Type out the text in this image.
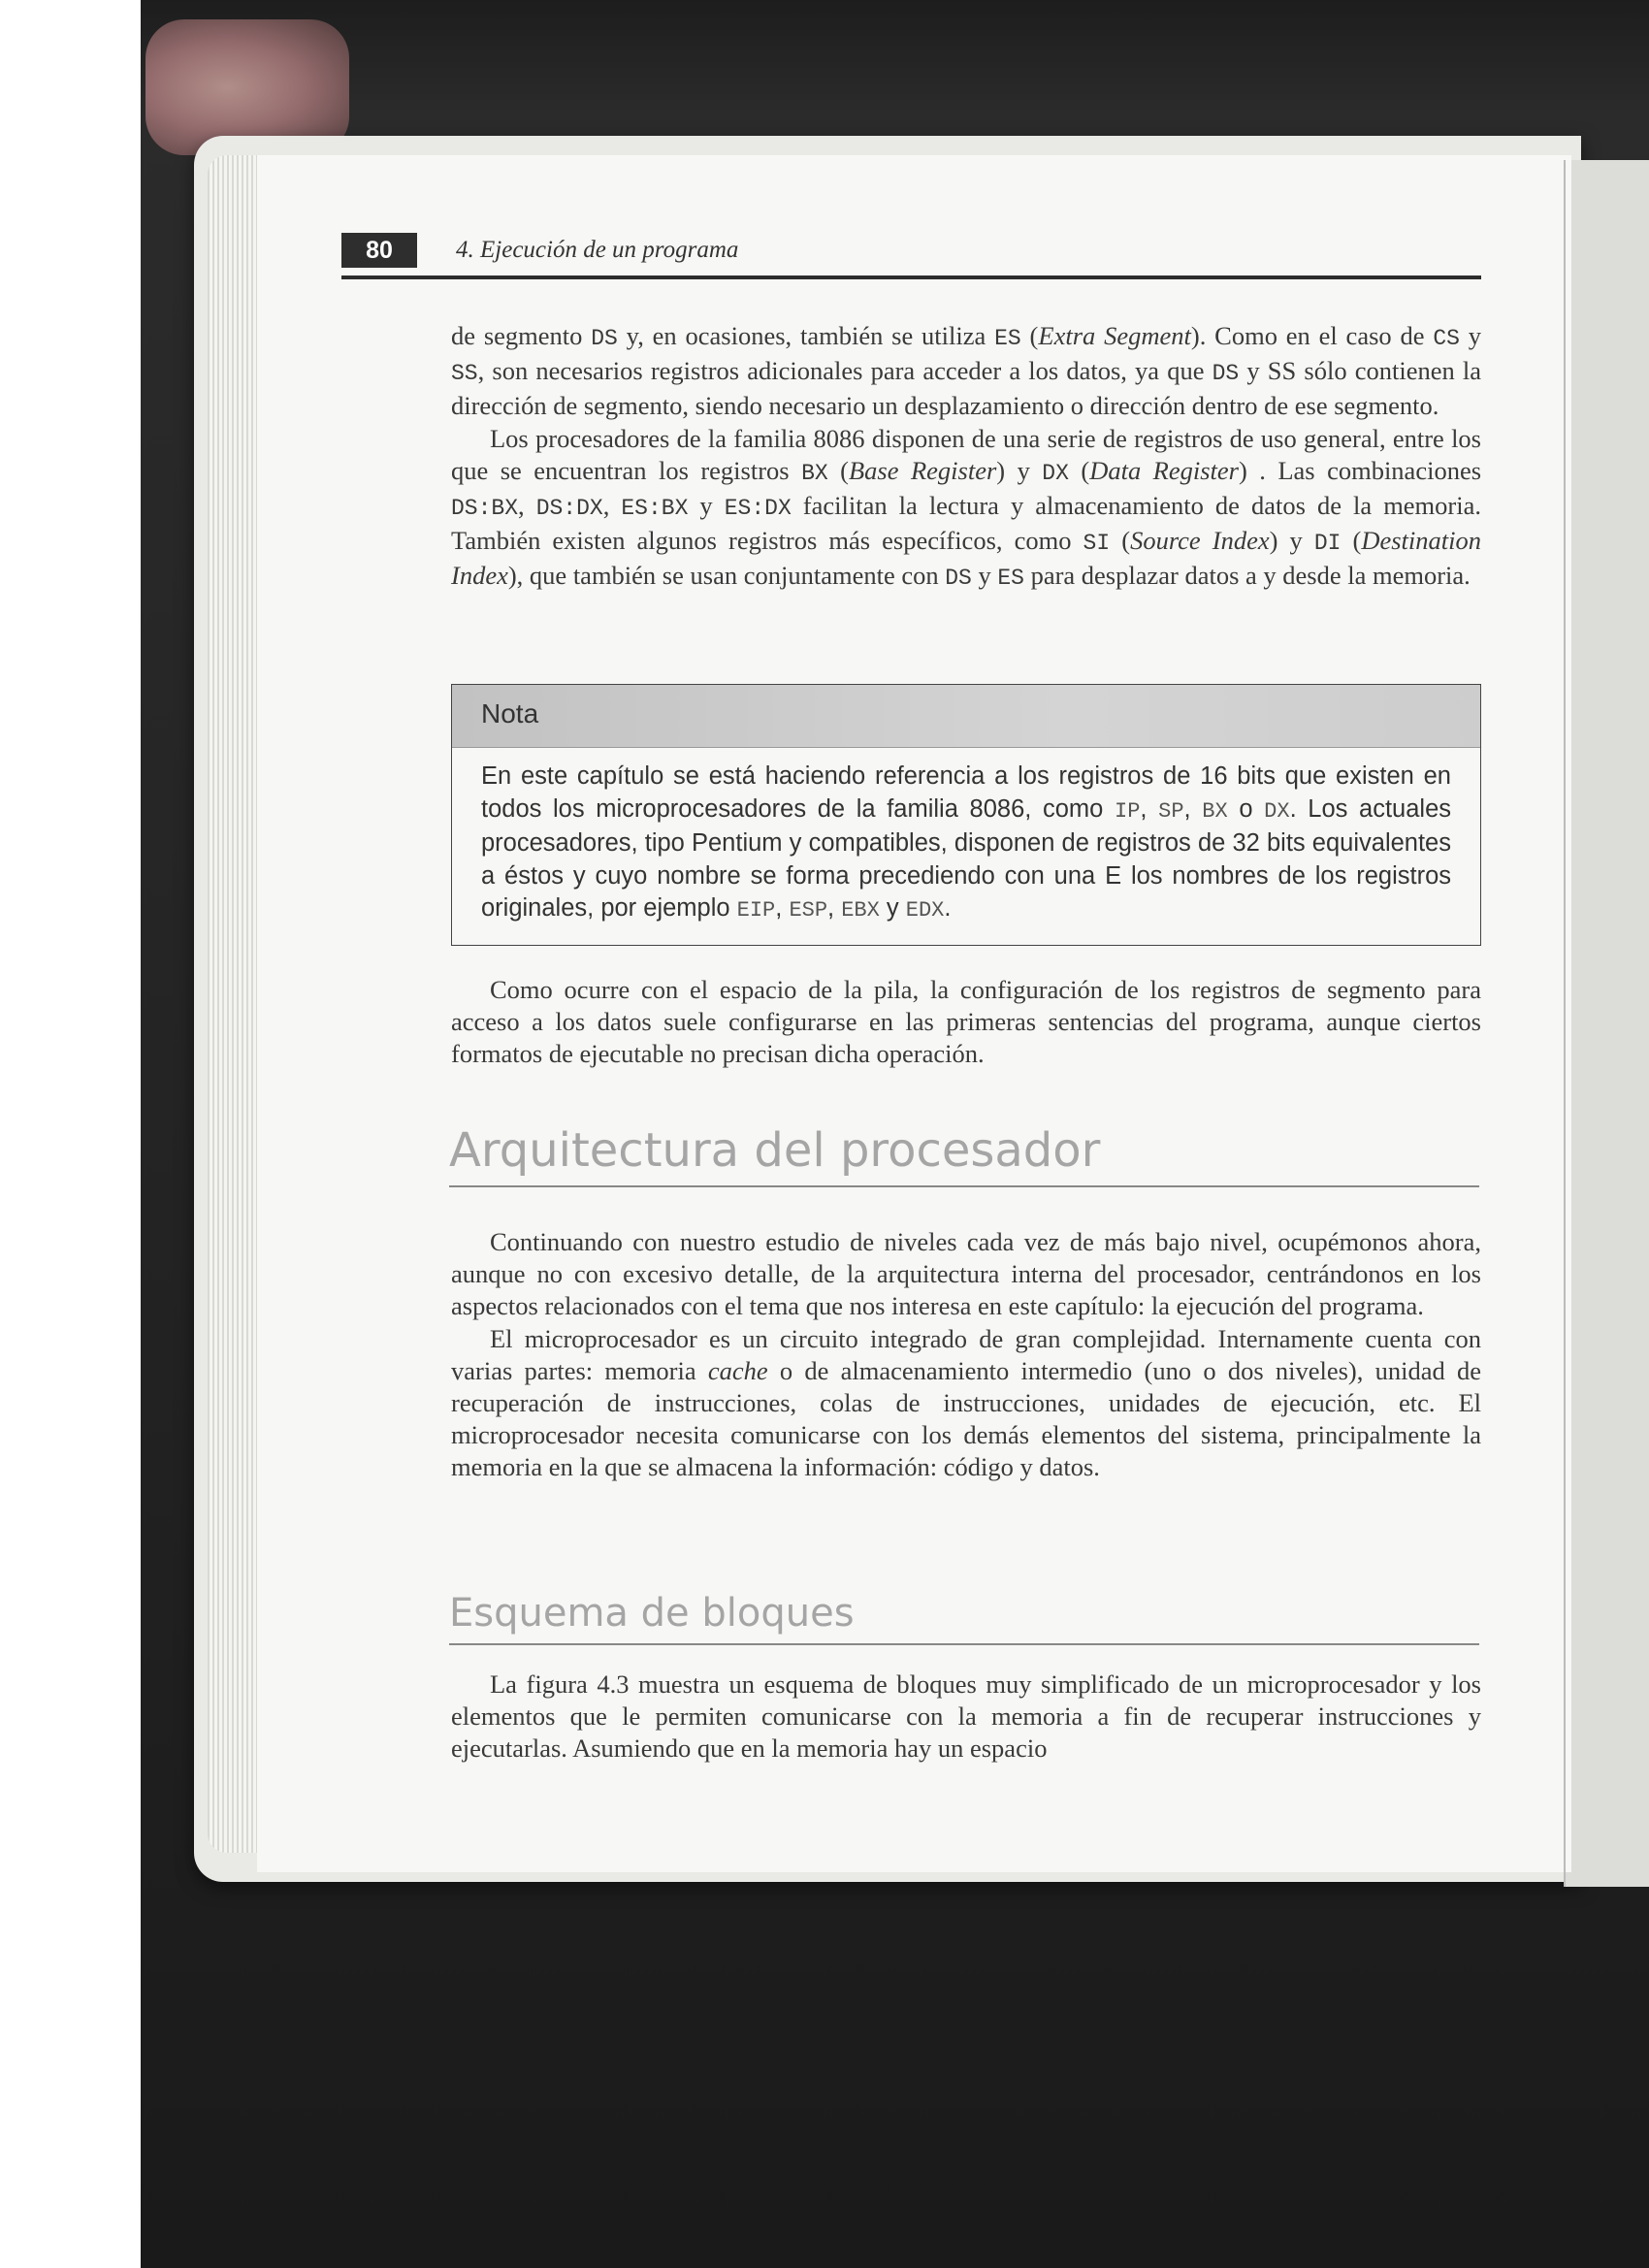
80	4. Ejecución de un programa

de segmento DS y, en ocasiones, también se utiliza ES (Extra Segment). Como en el caso de CS y SS, son necesarios registros adicionales para acceder a los datos, ya que DS y SS sólo contienen la dirección de segmento, siendo necesario un desplazamiento o dirección dentro de ese segmento.

Los procesadores de la familia 8086 disponen de una serie de registros de uso general, entre los que se encuentran los registros BX (Base Register) y DX (Data Register) . Las combinaciones DS:BX, DS:DX, ES:BX y ES:DX facilitan la lectura y almacenamiento de datos de la memoria. También existen algunos registros más específicos, como SI (Source Index) y DI (Destination Index), que también se usan conjuntamente con DS y ES para desplazar datos a y desde la memoria.

Nota
En este capítulo se está haciendo referencia a los registros de 16 bits que existen en todos los microprocesadores de la familia 8086, como IP, SP, BX o DX. Los actuales procesadores, tipo Pentium y compatibles, disponen de registros de 32 bits equivalentes a éstos y cuyo nombre se forma precediendo con una E los nombres de los registros originales, por ejemplo EIP, ESP, EBX y EDX.

Como ocurre con el espacio de la pila, la configuración de los registros de segmento para acceso a los datos suele configurarse en las primeras sentencias del programa, aunque ciertos formatos de ejecutable no precisan dicha operación.

Arquitectura del procesador

Continuando con nuestro estudio de niveles cada vez de más bajo nivel, ocupémonos ahora, aunque no con excesivo detalle, de la arquitectura interna del procesador, centrándonos en los aspectos relacionados con el tema que nos interesa en este capítulo: la ejecución del programa.

El microprocesador es un circuito integrado de gran complejidad. Internamente cuenta con varias partes: memoria cache o de almacenamiento intermedio (uno o dos niveles), unidad de recuperación de instrucciones, colas de instrucciones, unidades de ejecución, etc. El microprocesador necesita comunicarse con los demás elementos del sistema, principalmente la memoria en la que se almacena la información: código y datos.

Esquema de bloques

La figura 4.3 muestra un esquema de bloques muy simplificado de un microprocesador y los elementos que le permiten comunicarse con la memoria a fin de recuperar instrucciones y ejecutarlas. Asumiendo que en la memoria hay un espacio
